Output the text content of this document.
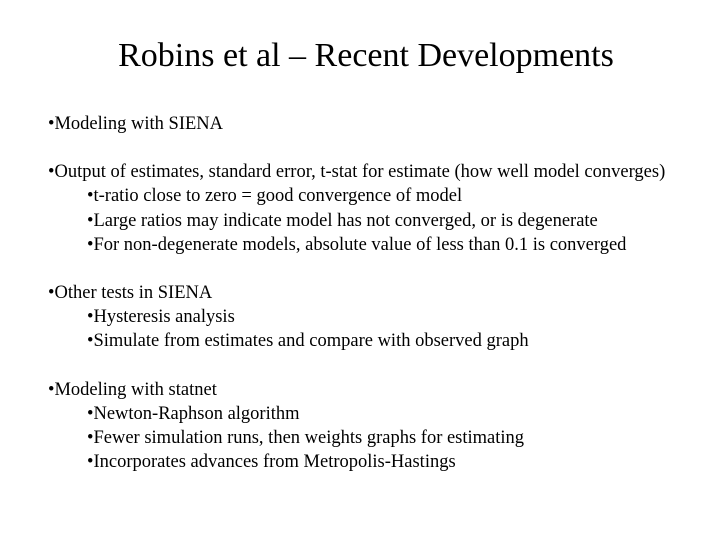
Robins et al – Recent Developments
•Modeling with SIENA
•Output of estimates, standard error, t-stat for estimate (how well model converges)
•t-ratio close to zero = good convergence of model
•Large ratios may indicate model has not converged, or is degenerate
•For non-degenerate models, absolute value of less than 0.1 is converged
•Other tests in SIENA
•Hysteresis analysis
•Simulate from estimates and compare with observed graph
•Modeling with statnet
•Newton-Raphson algorithm
•Fewer simulation runs, then weights graphs for estimating
•Incorporates advances from Metropolis-Hastings
